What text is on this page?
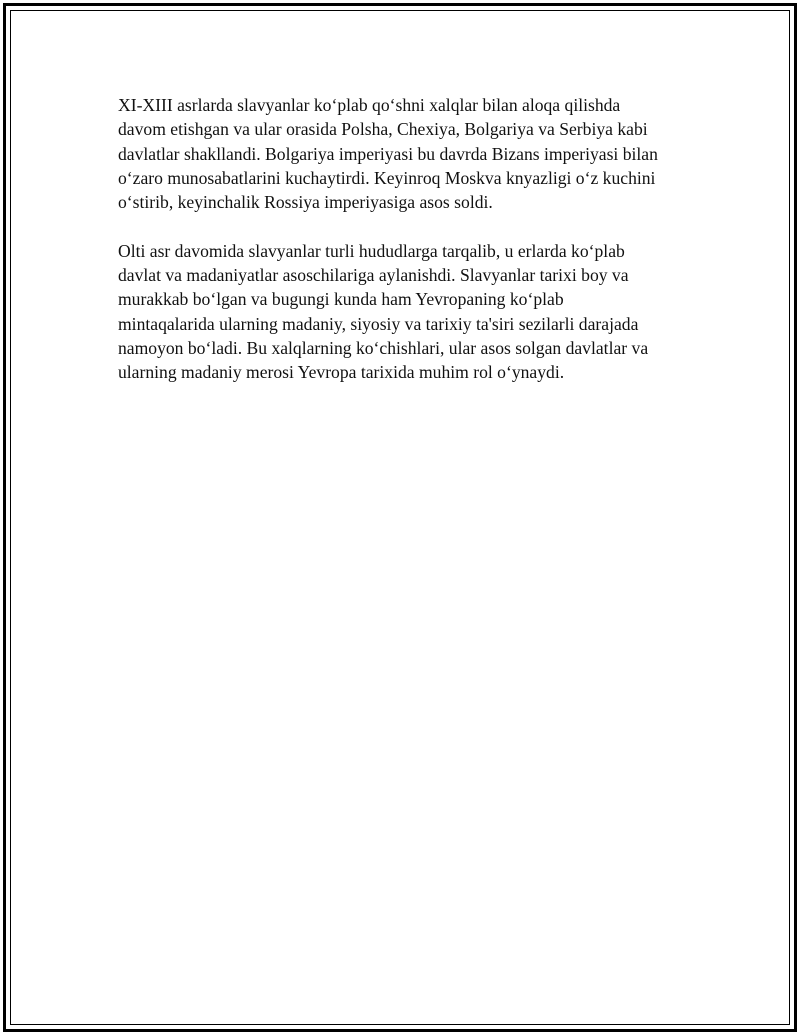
XI-XIII asrlarda slavyanlar ko‘plab qo‘shni xalqlar bilan aloqa qilishda
davom etishgan va ular orasida Polsha, Chexiya, Bolgariya va Serbiya kabi
davlatlar shakllandi. Bolgariya imperiyasi bu davrda Bizans imperiyasi bilan
o‘zaro munosabatlarini kuchaytirdi. Keyinroq Moskva knyazligi o‘z kuchini
o‘stirib, keyinchalik Rossiya imperiyasiga asos soldi.

Olti asr davomida slavyanlar turli hududlarga tarqalib, u erlarda ko‘plab
davlat va madaniyatlar asoschilariga aylanishdi. Slavyanlar tarixi boy va
murakkab bo‘lgan va bugungi kunda ham Yevropaning ko‘plab
mintaqalarida ularning madaniy, siyosiy va tarixiy ta'siri sezilarli darajada
namoyon bo‘ladi. Bu xalqlarning ko‘chishlari, ular asos solgan davlatlar va
ularning madaniy merosi Yevropa tarixida muhim rol o‘ynaydi.
